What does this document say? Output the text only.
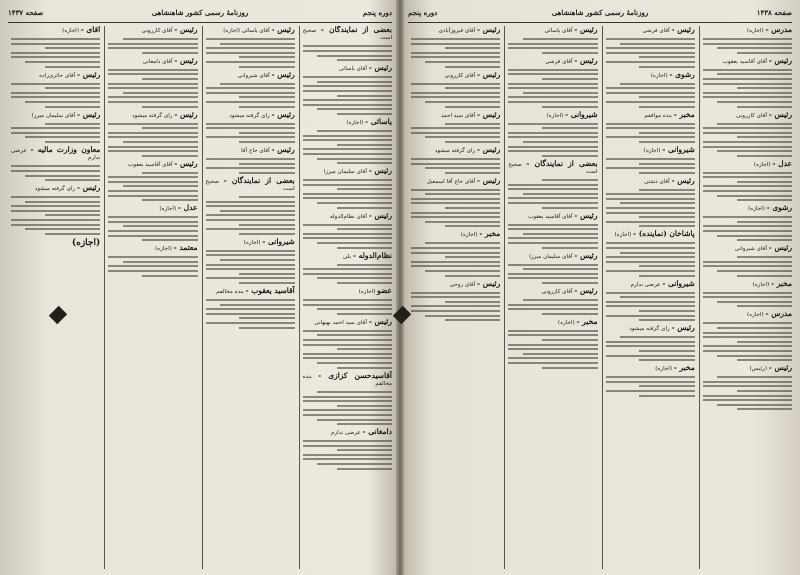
دوره پنجم
روزنامهٔ رسمی کشور شاهنشاهی
صفحه ۱۴۳۷
بعضی از نمایندگان - صحیح است
رئیس - آقای یاسائی
یاسائی - (اجازه)
رئیس - آقای سلیمان میرزا
رئیس - آقای نظام‌الدوله
نظام‌الدوله - بلی
عضو (اجازه)
رئیس - آقای سید احمد بهبهانی
آقاسیدحسن کزازی - بنده مخالفم
دامغانی - عرضی ندارم
رئیس - آقای یاسائی (اجازه)
رئیس - آقای شیروانی
رئیس - رای گرفته میشود
رئیس - آقای حاج آقا
بعضی از نمایندگان - صحیح است
شیروانی - (اجازه)
آقاسید یعقوب - بنده مخالفم
رئیس - آقای کازرونی
رئیس - آقای دامغانی
رئیس - رای گرفته میشود
رئیس - آقای آقاسید یعقوب
عدل - (اجازه)
معتمد - (اجازه)
آقای - (اجازه)
رئیس - آقای حائری‌زاده
رئیس - آقای سلیمان میرزا
معاون وزارت مالیه - عرضی ندارم
رئیس - رای گرفته میشود
(اجازه)
صفحه ۱۴۳۸
روزنامهٔ رسمی کشور شاهنشاهی
دوره پنجم
مدرس - (اجازه)
رئیس - آقای آقاسید یعقوب
رئیس - آقای کازرونی
عدل - (اجازه)
رشوی - (اجازه)
رئیس - آقای شیروانی
مخبر - (اجازه)
مدرس - (اجازه)
رئیس - (رئیس)
رئیس - آقای فرشی
رشوی - (اجازه)
مخبر - بنده موافقم
شیروانی - (اجازه)
رئیس - آقای دشتی
پاشاخان (نماینده) - (اجازه)
شیروانی - عرضی ندارم
رئیس - رای گرفته میشود
مخبر - (اجازه)
رئیس - آقای یاسائی
رئیس - آقای فرشی
شیروانی - (اجازه)
بعضی از نمایندگان - صحیح است
رئیس - آقای آقاسید یعقوب
رئیس - آقای سلیمان میرزا
رئیس - آقای کازرونی
مخبر - (اجازه)
رئیس - آقای فیروزآبادی
رئیس - آقای کازرونی
رئیس - آقای سید احمد
رئیس - رای گرفته میشود
رئیس - آقای حاج آقا اسمعیل
مخبر - (اجازه)
رئیس - آقای روحی
